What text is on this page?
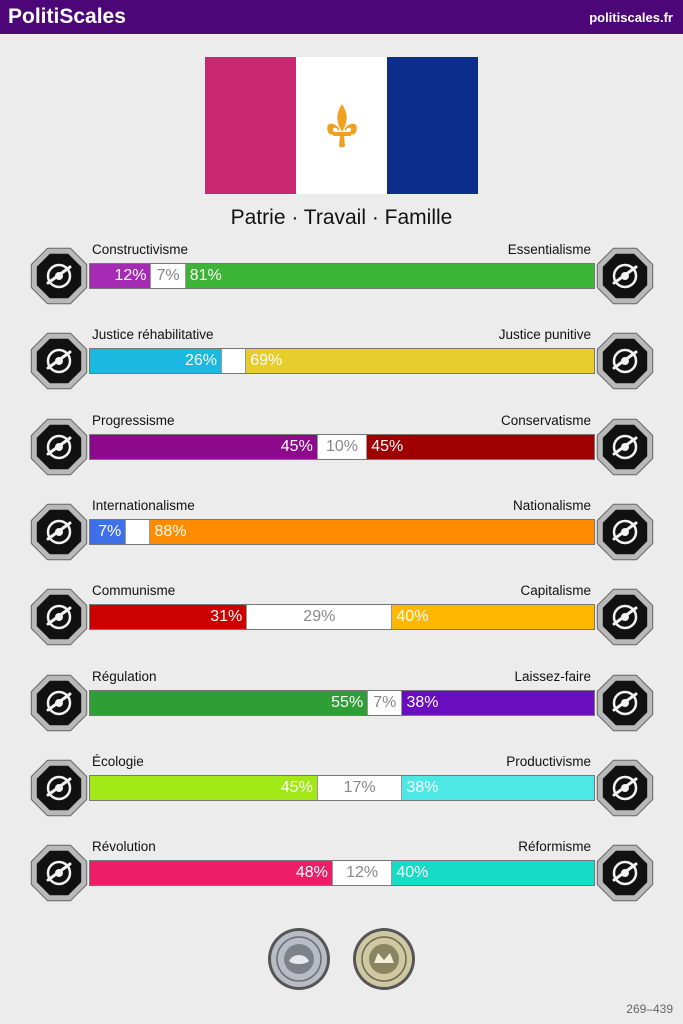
PolitiScales	politiscales.fr
Patrie · Travail · Famille
Constructivisme	Essentialisme
12% 7% 81%
Justice réhabilitative	Justice punitive
26% 69%
Progressisme	Conservatisme
45% 10% 45%
Internationalisme	Nationalisme
7% 88%
Communisme	Capitalisme
31%	29%	40%
Régulation	Laissez-faire
55% 7% 38%
Écologie	Productivisme
45%	17%	38%
Révolution	Réformisme
48%	12%	40%
269–439
